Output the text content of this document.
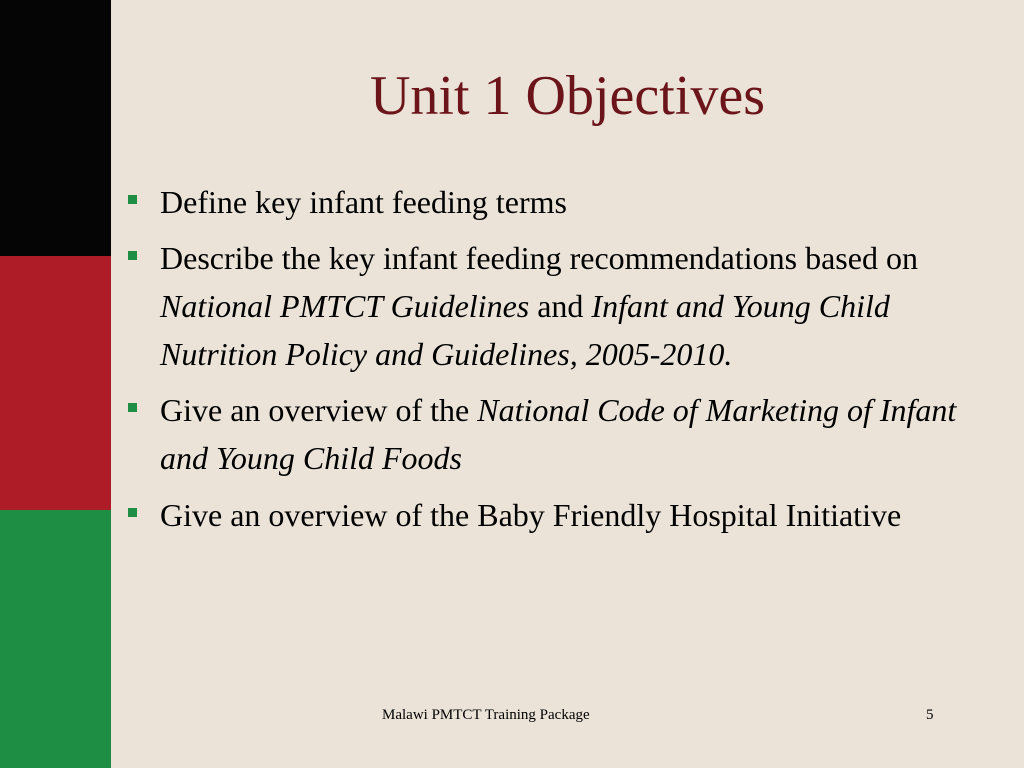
Unit 1 Objectives
Define key infant feeding terms
Describe the key infant feeding recommendations based on National PMTCT Guidelines and Infant and Young Child Nutrition Policy and Guidelines, 2005-2010.
Give an overview of the National Code of Marketing of Infant and Young Child Foods
Give an overview of the Baby Friendly Hospital Initiative
Malawi PMTCT Training Package	5
